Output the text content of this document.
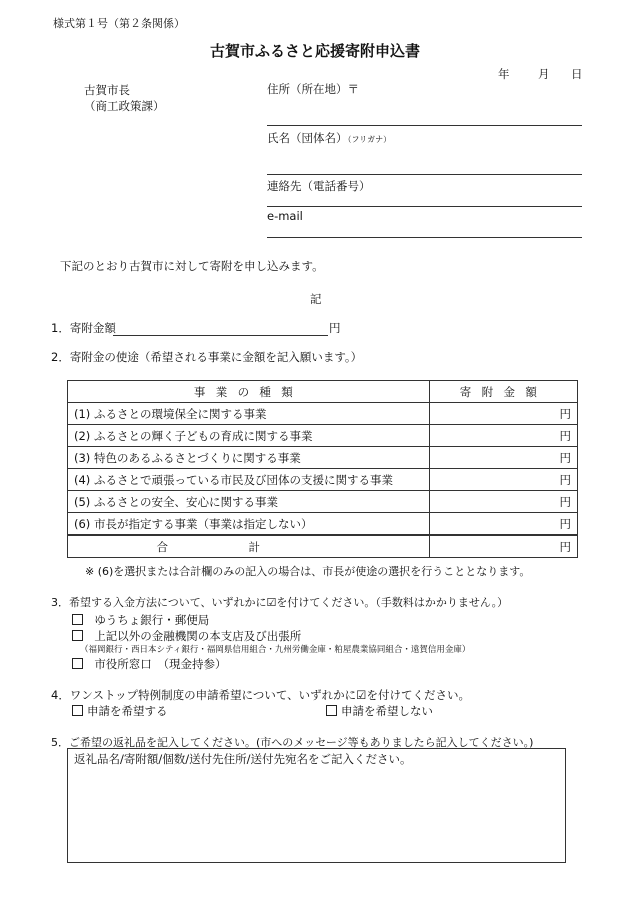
様式第１号（第２条関係）
古賀市ふるさと応援寄附申込書
年 月 日
古賀市長
（商工政策課）
住所（所在地）〒
氏名（団体名）（フリガナ）
連絡先（電話番号）
e-mail
下記のとおり古賀市に対して寄附を申し込みます。
記
1．寄附金額	円
2．寄附金の使途（希望される事業に金額を記入願います。）
事業の種類	寄附金額
(1) ふるさとの環境保全に関する事業	円
(2) ふるさとの輝く子どもの育成に関する事業	円
(3) 特色のあるふるさとづくりに関する事業	円
(4) ふるさとで頑張っている市民及び団体の支援に関する事業	円
(5) ふるさとの安全、安心に関する事業	円
(6) 市長が指定する事業（事業は指定しない）	円
合計	円
※ (6)を選択または合計欄のみの記入の場合は、市長が使途の選択を行うこととなります。
3．希望する入金方法について、いずれかに☑を付けてください。（手数料はかかりません。）
ゆうちょ銀行・郵便局
上記以外の金融機関の本支店及び出張所
（福岡銀行・西日本シティ銀行・福岡県信用組合・九州労働金庫・粕屋農業協同組合・遠賀信用金庫）
市役所窓口　（現金持参）
4．ワンストップ特例制度の申請希望について、いずれかに☑を付けてください。
申請を希望する	申請を希望しない
5．ご希望の返礼品を記入してください。(市へのメッセージ等もありましたら記入してください。)
返礼品名/寄附額/個数/送付先住所/送付先宛名をご記入ください。
